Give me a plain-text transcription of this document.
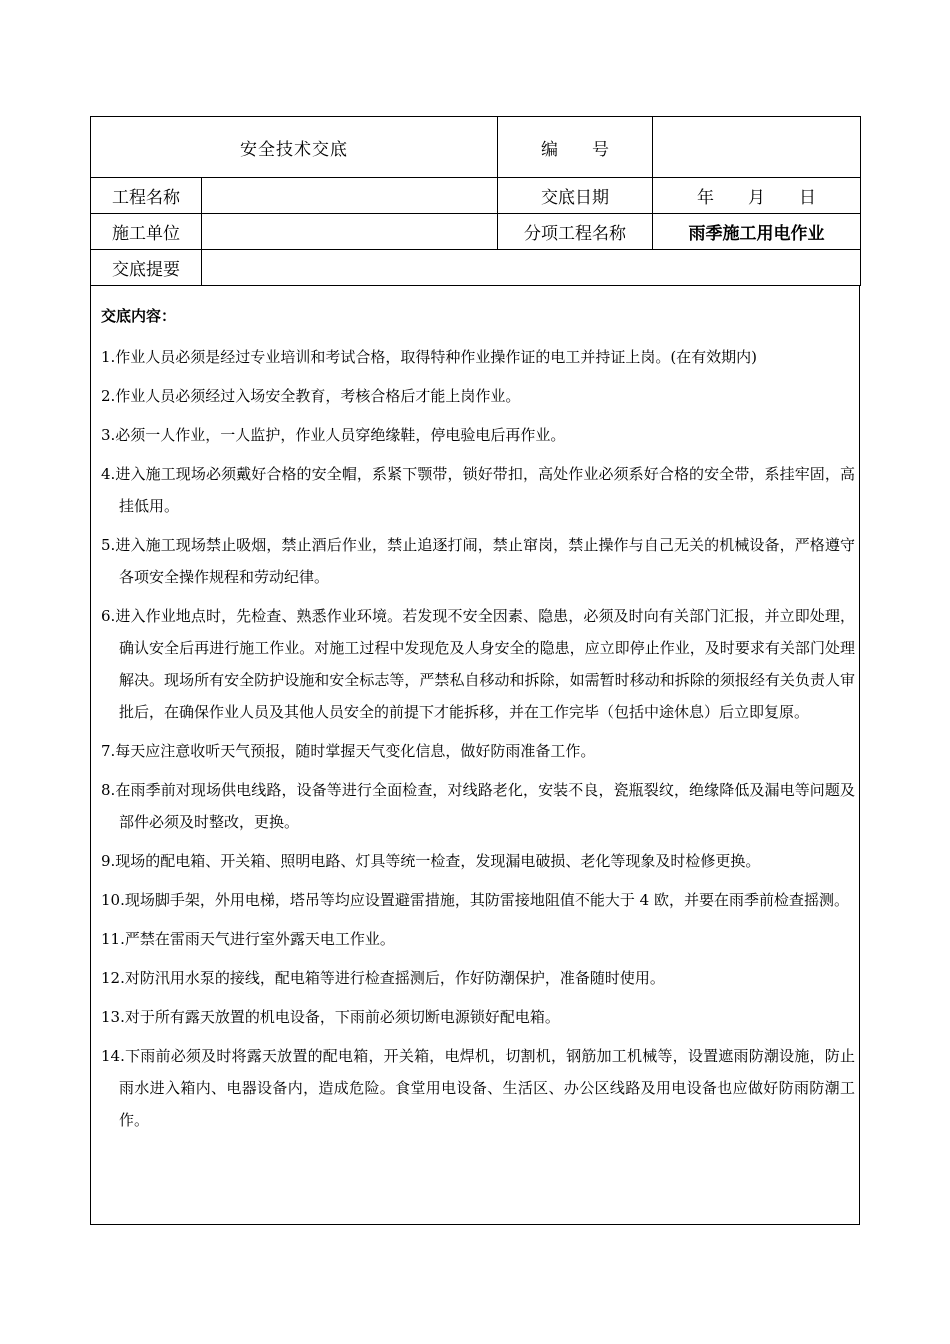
安全技术交底		编　　号	
工程名称		交底日期	年　　月　　日
施工单位		分项工程名称	雨季施工用电作业
交底提要			
交底内容：
1.作业人员必须是经过专业培训和考试合格，取得特种作业操作证的电工并持证上岗。(在有效期内)
2.作业人员必须经过入场安全教育，考核合格后才能上岗作业。
3.必须一人作业，一人监护，作业人员穿绝缘鞋，停电验电后再作业。
4.进入施工现场必须戴好合格的安全帽，系紧下颚带，锁好带扣，高处作业必须系好合格的安全带，系挂牢固，高挂低用。
5.进入施工现场禁止吸烟，禁止酒后作业，禁止追逐打闹，禁止窜岗，禁止操作与自己无关的机械设备，严格遵守各项安全操作规程和劳动纪律。
6.进入作业地点时，先检查、熟悉作业环境。若发现不安全因素、隐患，必须及时向有关部门汇报，并立即处理，确认安全后再进行施工作业。对施工过程中发现危及人身安全的隐患，应立即停止作业，及时要求有关部门处理解决。现场所有安全防护设施和安全标志等，严禁私自移动和拆除，如需暂时移动和拆除的须报经有关负责人审批后，在确保作业人员及其他人员安全的前提下才能拆移，并在工作完毕（包括中途休息）后立即复原。
7.每天应注意收听天气预报，随时掌握天气变化信息，做好防雨准备工作。
8.在雨季前对现场供电线路，设备等进行全面检查，对线路老化，安装不良，瓷瓶裂纹，绝缘降低及漏电等问题及部件必须及时整改，更换。
9.现场的配电箱、开关箱、照明电路、灯具等统一检查，发现漏电破损、老化等现象及时检修更换。
10.现场脚手架，外用电梯，塔吊等均应设置避雷措施，其防雷接地阻值不能大于 4 欧，并要在雨季前检查摇测。
11.严禁在雷雨天气进行室外露天电工作业。
12.对防汛用水泵的接线，配电箱等进行检查摇测后，作好防潮保护，准备随时使用。
13.对于所有露天放置的机电设备，下雨前必须切断电源锁好配电箱。
14.下雨前必须及时将露天放置的配电箱，开关箱，电焊机，切割机，钢筋加工机械等，设置遮雨防潮设施，防止雨水进入箱内、电器设备内，造成危险。食堂用电设备、生活区、办公区线路及用电设备也应做好防雨防潮工作。
